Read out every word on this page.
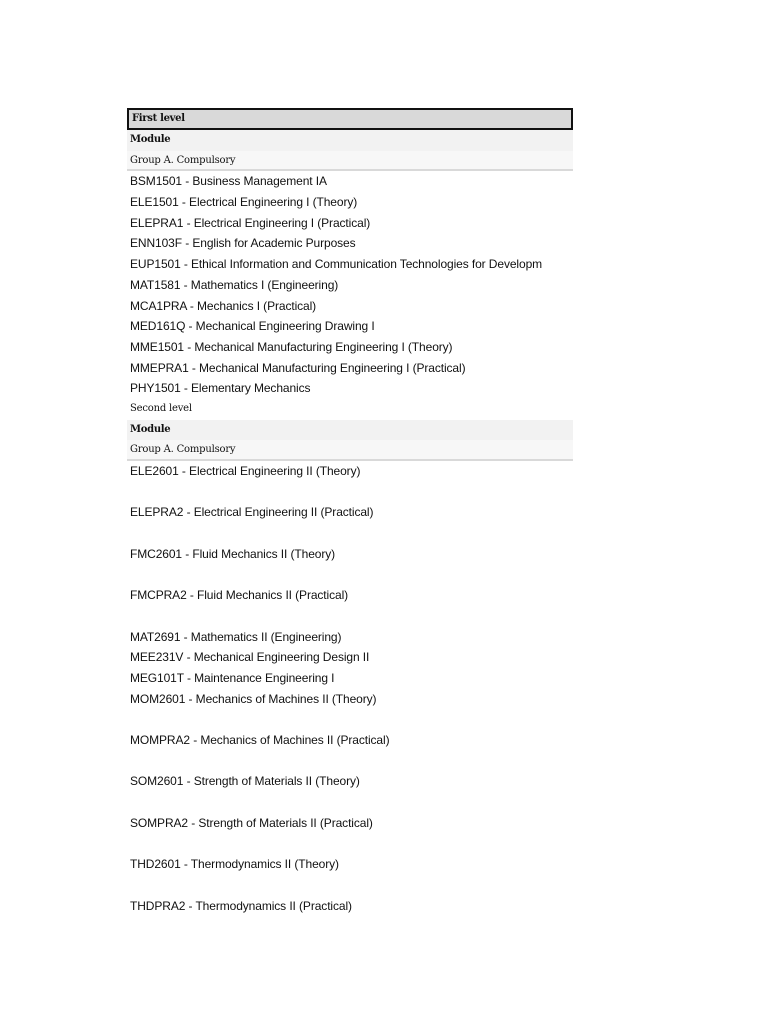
First level
Module
Group A. Compulsory
BSM1501 - Business Management IA
ELE1501 - Electrical Engineering I (Theory)
ELEPRA1 - Electrical Engineering I (Practical)
ENN103F - English for Academic Purposes
EUP1501 - Ethical Information and Communication Technologies for Developm
MAT1581 - Mathematics I (Engineering)
MCA1PRA - Mechanics I (Practical)
MED161Q - Mechanical Engineering Drawing I
MME1501 - Mechanical Manufacturing Engineering I (Theory)
MMEPRA1 - Mechanical Manufacturing Engineering I (Practical)
PHY1501 - Elementary Mechanics
Second level
Module
Group A. Compulsory
ELE2601 - Electrical Engineering II (Theory)
ELEPRA2 - Electrical Engineering II (Practical)
FMC2601 - Fluid Mechanics II (Theory)
FMCPRA2 - Fluid Mechanics II (Practical)
MAT2691 - Mathematics II (Engineering)
MEE231V - Mechanical Engineering Design II
MEG101T - Maintenance Engineering I
MOM2601 - Mechanics of Machines II (Theory)
MOMPRA2 - Mechanics of Machines II (Practical)
SOM2601 - Strength of Materials II (Theory)
SOMPRA2 - Strength of Materials II (Practical)
THD2601 - Thermodynamics II (Theory)
THDPRA2 - Thermodynamics II (Practical)
